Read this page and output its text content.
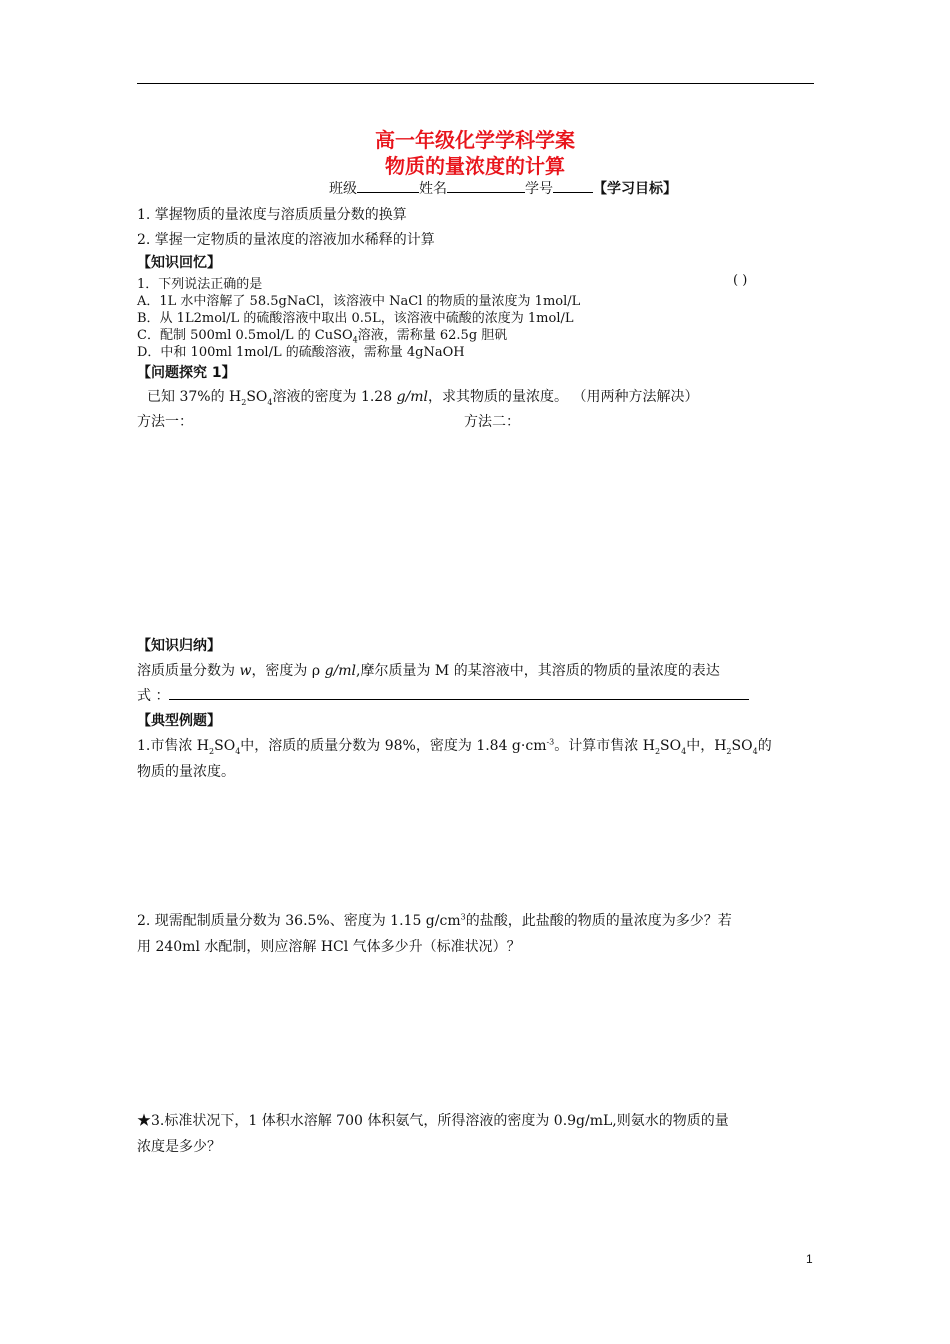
高一年级化学学科学案
物质的量浓度的计算
班级	姓名	学号	【学习目标】
1. 掌握物质的量浓度与溶质质量分数的换算
2. 掌握一定物质的量浓度的溶液加水稀释的计算
【知识回忆】
1．下列说法正确的是	( )
A．1L 水中溶解了 58.5gNaCl，该溶液中 NaCl 的物质的量浓度为 1mol/L
B．从 1L2mol/L 的硫酸溶液中取出 0.5L，该溶液中硫酸的浓度为 1mol/L
C．配制 500ml 0.5mol/L 的 CuSO$_4$溶液，需称量 62.5g 胆矾
D．中和 100ml 1mol/L 的硫酸溶液，需称量 4gNaOH
【问题探究 1】
已知 37%的 $H_2SO_4$溶液的密度为 1.28 g/ml，求其物质的量浓度。 （用两种方法解决）
方法一：	方法二：
【知识归纳】
溶质质量分数为 w，密度为 ρ g/ml,摩尔质量为 M 的某溶液中，其溶质的物质的量浓度的表达
式 ：
【典型例题】
1.市售浓 $H_2SO_4$中，溶质的质量分数为 98%，密度为 1.84 $g\cdot cm^{-3}$。计算市售浓 $H_2SO_4$中，$H_2SO_4$的
物质的量浓度。
2. 现需配制质量分数为 36.5%、密度为 1.15 $g/cm^3$的盐酸，此盐酸的物质的量浓度为多少？若
用 240ml 水配制，则应溶解 HCl 气体多少升（标准状况）？
★3.标准状况下，1 体积水溶解 700 体积氨气，所得溶液的密度为 0.9g/mL,则氨水的物质的量
浓度是多少？
1
